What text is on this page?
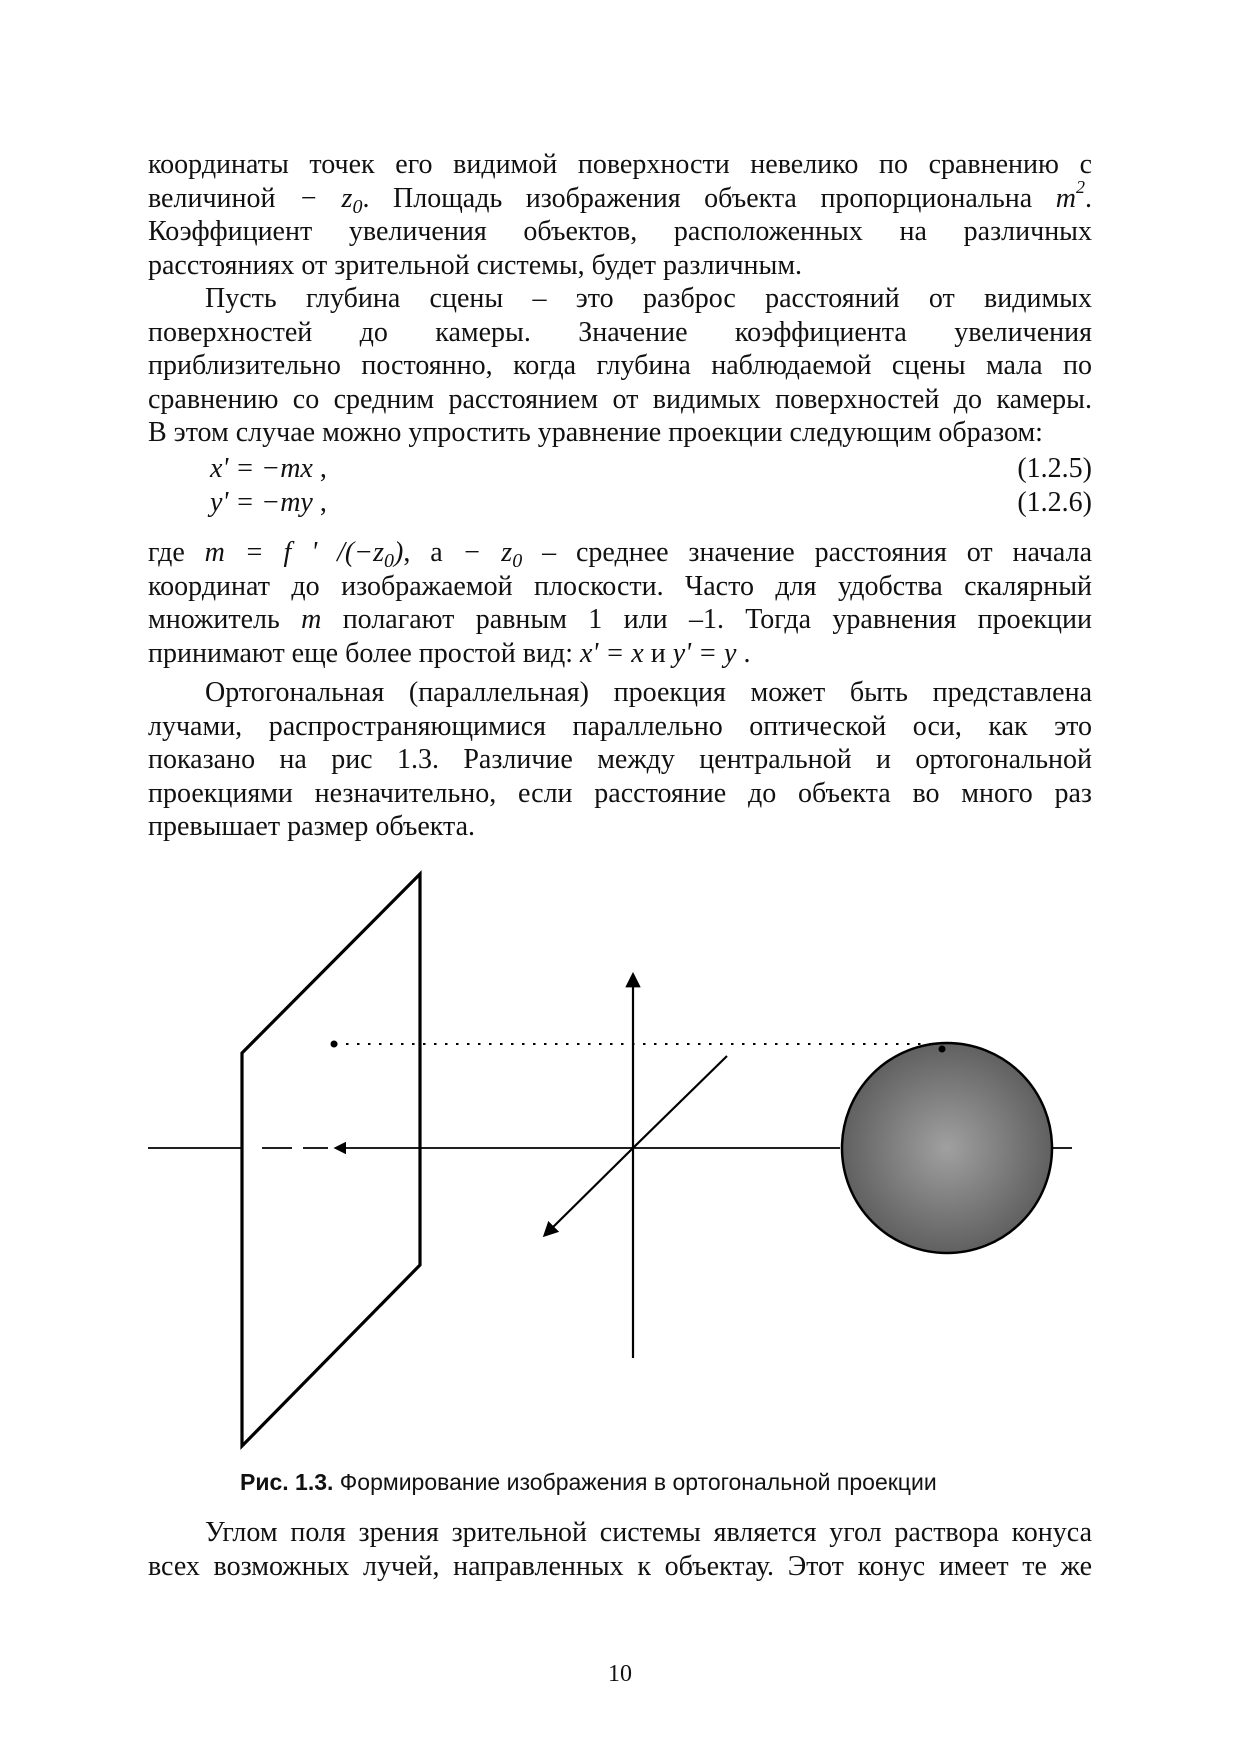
координаты точек его видимой поверхности невелико по сравнению с
величиной − $z_0$. Площадь изображения объекта пропорциональна $m^2$.
Коэффициент увеличения объектов, расположенных на различных
расстояниях от зрительной системы, будет различным.
Пусть глубина сцены – это разброс расстояний от видимых
поверхностей до камеры. Значение коэффициента увеличения
приблизительно постоянно, когда глубина наблюдаемой сцены мала по
сравнению со средним расстоянием от видимых поверхностей до камеры.
В этом случае можно упростить уравнение проекции следующим образом:
x' = −mx ,	(1.2.5)
y' = −my ,	(1.2.6)
где m = f ' $/(-z_0)$, $а - z_0$ – среднее значение расстояния от начала
координат до изображаемой плоскости. Часто для удобства скалярный
множитель m полагают равным 1 или –1. Тогда уравнения проекции
принимают еще более простой вид: x' = x и y' = y .
Ортогональная (параллельная) проекция может быть представлена
лучами, распространяющимися параллельно оптической оси, как это
показано на рис 1.3. Различие между центральной и ортогональной
проекциями незначительно, если расстояние до объекта во много раз
превышает размер объекта.
Рис. 1.3. Формирование изображения в ортогональной проекции
Углом поля зрения зрительной системы является угол раствора конуса
всех возможных лучей, направленных к объектау. Этот конус имеет те же
10
